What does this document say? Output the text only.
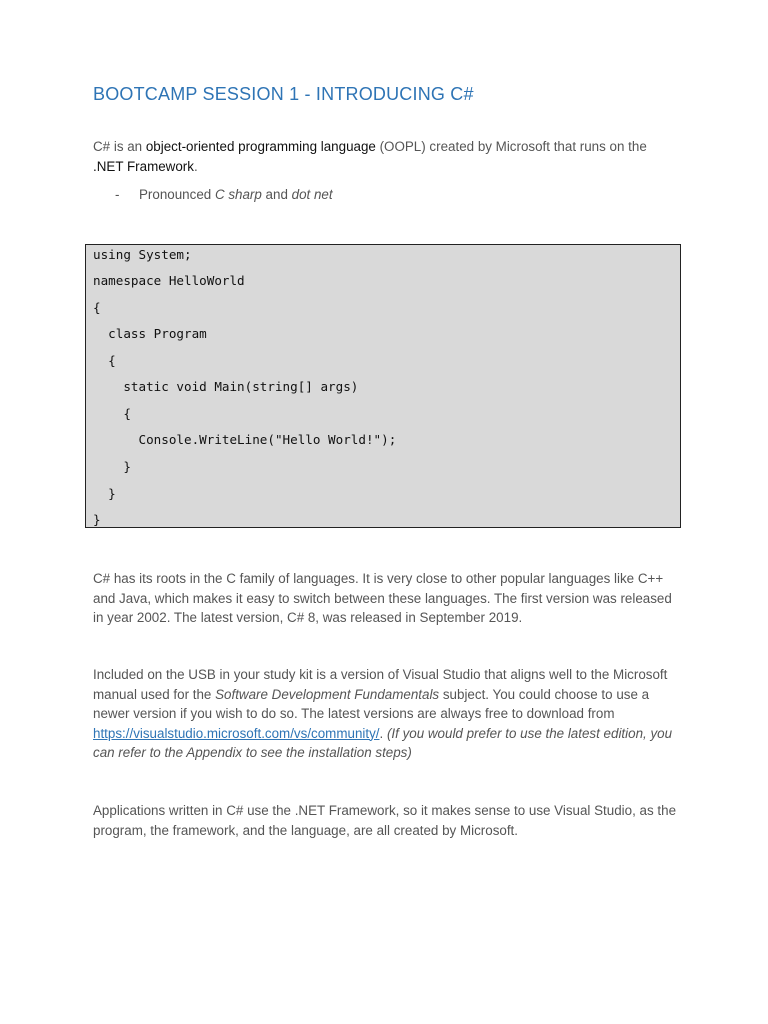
BOOTCAMP SESSION 1 - INTRODUCING C#
C# is an object-oriented programming language (OOPL) created by Microsoft that runs on the
.NET Framework.
- Pronounced C sharp and dot net
using System;
namespace HelloWorld
{
class Program
{
static void Main(string[] args)
{
Console.WriteLine("Hello World!");
}
}
}
C# has its roots in the C family of languages. It is very close to other popular languages like C++ and Java, which makes it easy to switch between these languages. The first version was released in year 2002. The latest version, C# 8, was released in September 2019.
Included on the USB in your study kit is a version of Visual Studio that aligns well to the Microsoft manual used for the Software Development Fundamentals subject. You could choose to use a newer version if you wish to do so. The latest versions are always free to download from https://visualstudio.microsoft.com/vs/community/. (If you would prefer to use the latest edition, you can refer to the Appendix to see the installation steps)
Applications written in C# use the .NET Framework, so it makes sense to use Visual Studio, as the program, the framework, and the language, are all created by Microsoft.
